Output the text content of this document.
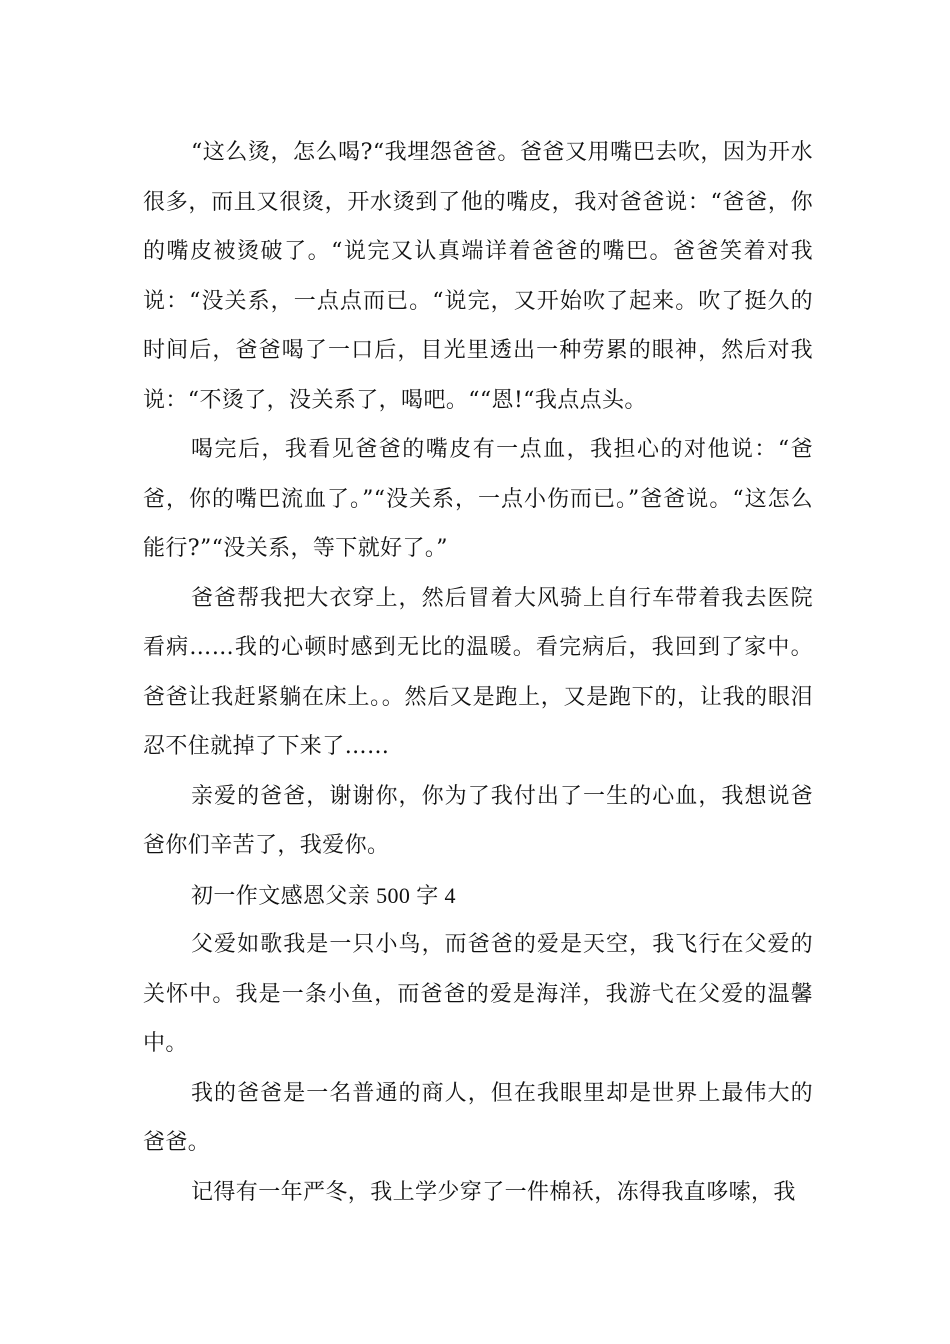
“这么烫，怎么喝?“我埋怨爸爸。爸爸又用嘴巴去吹，因为开水很多，而且又很烫，开水烫到了他的嘴皮，我对爸爸说：“爸爸，你的嘴皮被烫破了。“说完又认真端详着爸爸的嘴巴。爸爸笑着对我说：“没关系，一点点而已。“说完，又开始吹了起来。吹了挺久的时间后，爸爸喝了一口后，目光里透出一种劳累的眼神，然后对我说：“不烫了，没关系了，喝吧。““恩!“我点点头。

喝完后，我看见爸爸的嘴皮有一点血，我担心的对他说：“爸爸，你的嘴巴流血了。”“没关系，一点小伤而已。”爸爸说。“这怎么能行?”“没关系，等下就好了。”

爸爸帮我把大衣穿上，然后冒着大风骑上自行车带着我去医院看病……我的心顿时感到无比的温暖。看完病后，我回到了家中。爸爸让我赶紧躺在床上。。然后又是跑上，又是跑下的，让我的眼泪忍不住就掉了下来了……

亲爱的爸爸，谢谢你，你为了我付出了一生的心血，我想说爸爸你们辛苦了，我爱你。

初一作文感恩父亲 500 字 4

父爱如歌我是一只小鸟，而爸爸的爱是天空，我飞行在父爱的关怀中。我是一条小鱼，而爸爸的爱是海洋，我游弋在父爱的温馨中。

我的爸爸是一名普通的商人，但在我眼里却是世界上最伟大的爸爸。

记得有一年严冬，我上学少穿了一件棉袄，冻得我直哆嗦，我
